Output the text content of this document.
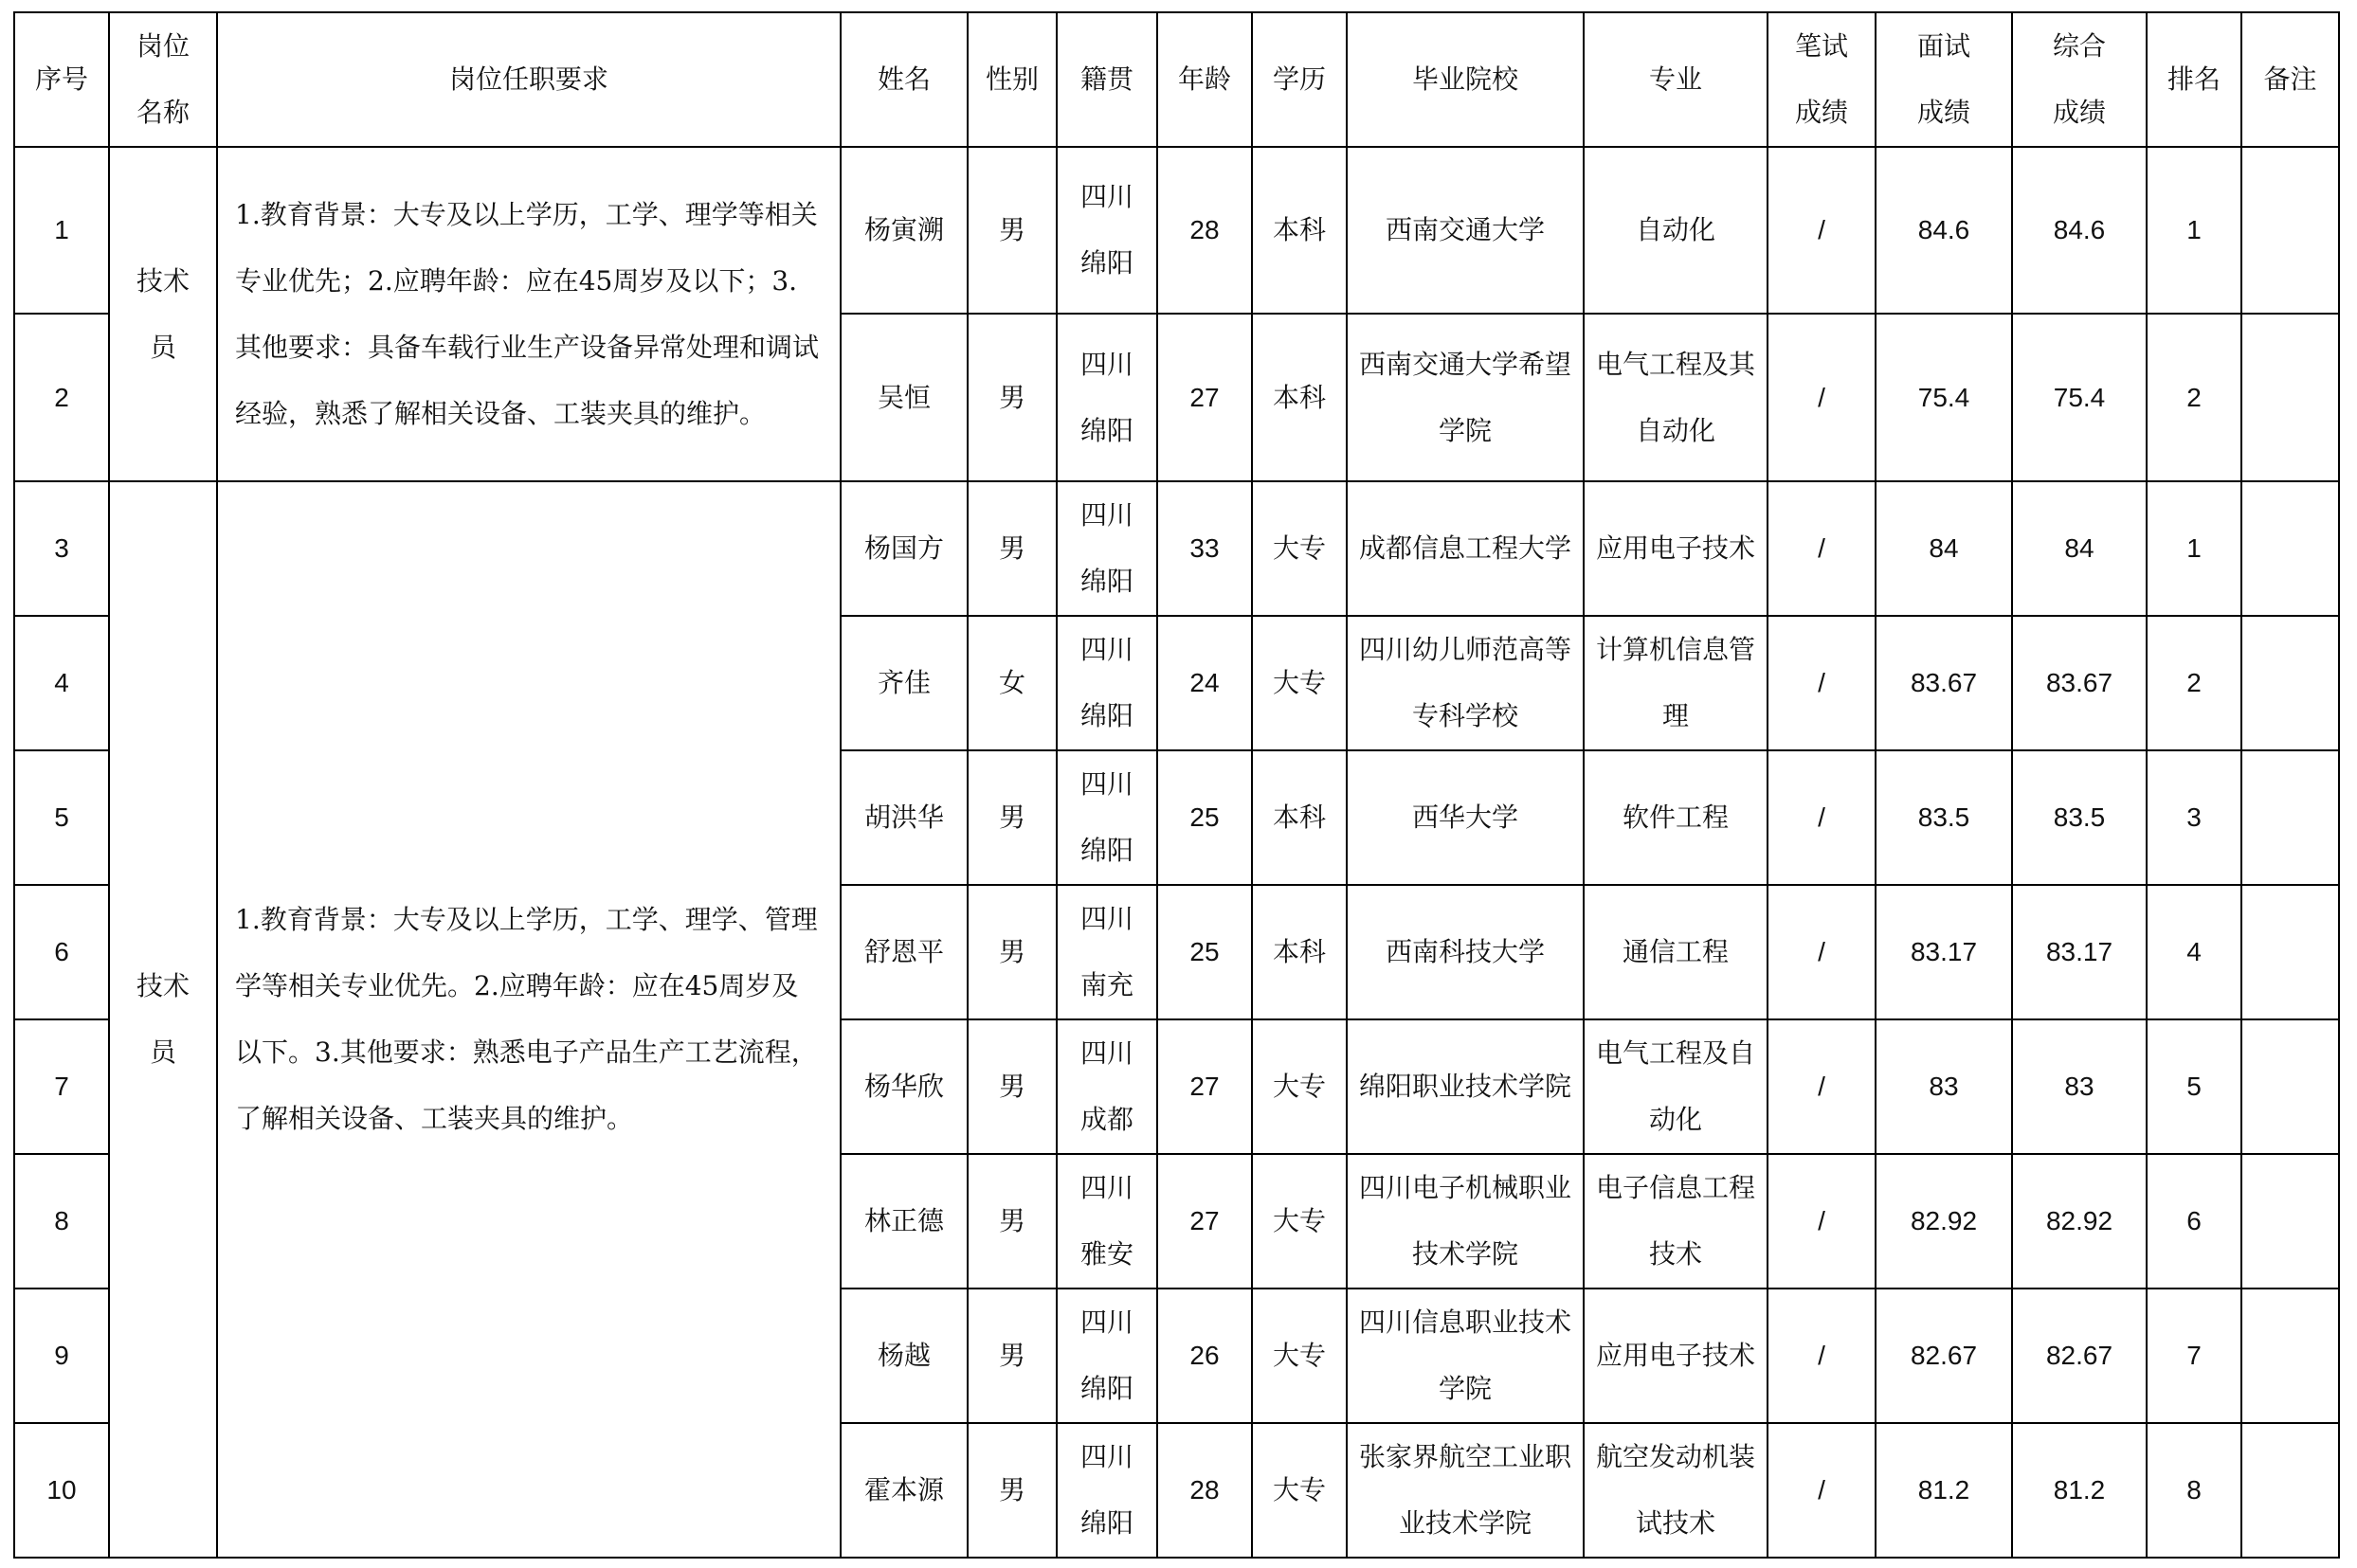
序号	岗位名称	岗位任职要求	姓名	性别	籍贯	年龄	学历	毕业院校	专业	笔试成绩	面试成绩	综合成绩	排名	备注
1	技术员	1.教育背景：大专及以上学历，工学、理学等相关专业优先；2.应聘年龄：应在45周岁及以下；3.其他要求：具备车载行业生产设备异常处理和调试经验，熟悉了解相关设备、工装夹具的维护。	杨寅溯	男	四川绵阳	28	本科	西南交通大学	自动化	/	84.6	84.6	1	
2			吴恒	男	四川绵阳	27	本科	西南交通大学希望学院	电气工程及其自动化	/	75.4	75.4	2	
3	技术员	1.教育背景：大专及以上学历，工学、理学、管理学等相关专业优先。2.应聘年龄：应在45周岁及以下。3.其他要求：熟悉电子产品生产工艺流程，了解相关设备、工装夹具的维护。	杨国方	男	四川绵阳	33	大专	成都信息工程大学	应用电子技术	/	84	84	1	
4			齐佳	女	四川绵阳	24	大专	四川幼儿师范高等专科学校	计算机信息管理	/	83.67	83.67	2	
5			胡洪华	男	四川绵阳	25	本科	西华大学	软件工程	/	83.5	83.5	3	
6			舒恩平	男	四川南充	25	本科	西南科技大学	通信工程	/	83.17	83.17	4	
7			杨华欣	男	四川成都	27	大专	绵阳职业技术学院	电气工程及自动化	/	83	83	5	
8			林正德	男	四川雅安	27	大专	四川电子机械职业技术学院	电子信息工程技术	/	82.92	82.92	6	
9			杨越	男	四川绵阳	26	大专	四川信息职业技术学院	应用电子技术	/	82.67	82.67	7	
10			霍本源	男	四川绵阳	28	大专	张家界航空工业职业技术学院	航空发动机装试技术	/	81.2	81.2	8	
